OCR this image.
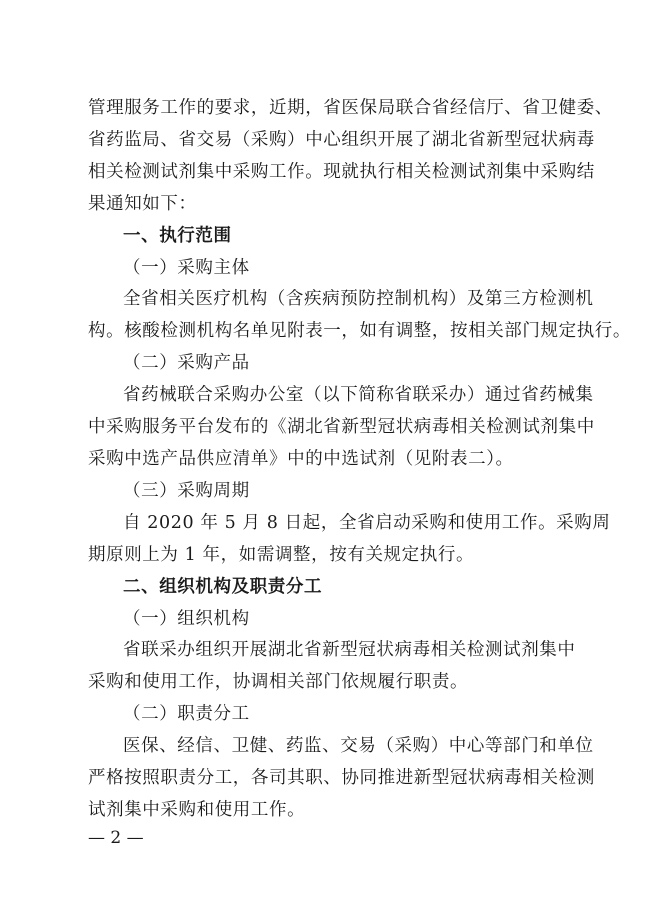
管理服务工作的要求，近期，省医保局联合省经信厅、省卫健委、
省药监局、省交易（采购）中心组织开展了湖北省新型冠状病毒
相关检测试剂集中采购工作。现就执行相关检测试剂集中采购结
果通知如下：
一、执行范围
（一）采购主体
全省相关医疗机构（含疾病预防控制机构）及第三方检测机
构。核酸检测机构名单见附表一，如有调整，按相关部门规定执行。
（二）采购产品
省药械联合采购办公室（以下简称省联采办）通过省药械集
中采购服务平台发布的《湖北省新型冠状病毒相关检测试剂集中
采购中选产品供应清单》中的中选试剂（见附表二）。
（三）采购周期
自 2020 年 5 月 8 日起，全省启动采购和使用工作。采购周
期原则上为 1 年，如需调整，按有关规定执行。
二、组织机构及职责分工
（一）组织机构
省联采办组织开展湖北省新型冠状病毒相关检测试剂集中
采购和使用工作，协调相关部门依规履行职责。
（二）职责分工
医保、经信、卫健、药监、交易（采购）中心等部门和单位
严格按照职责分工，各司其职、协同推进新型冠状病毒相关检测
试剂集中采购和使用工作。
— 2 —
